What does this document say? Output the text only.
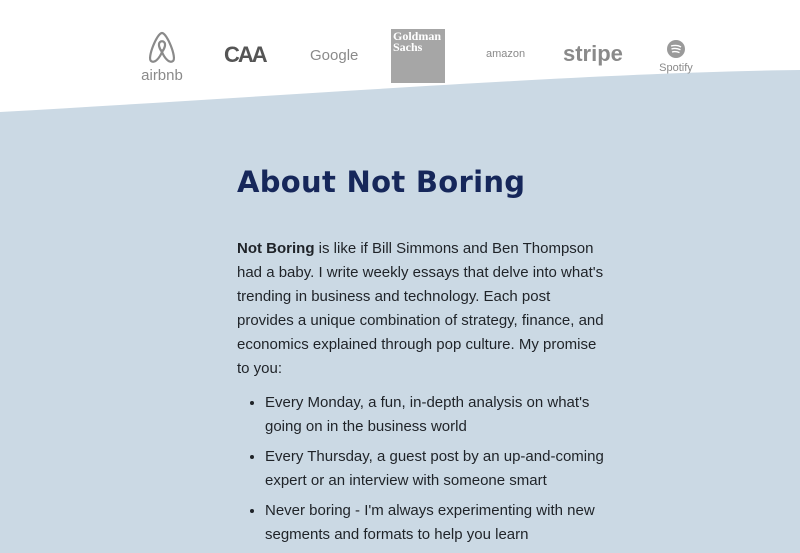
airbnb
CAA	Google
Goldman Sachs	amazon stripe
Spotify
About Not Boring

Not Boring is like if Bill Simmons and Ben Thompson had a baby. I write weekly essays that delve into what's trending in business and technology. Each post provides a unique combination of strategy, finance, and economics explained through pop culture. My promise to you:

• Every Monday, a fun, in-depth analysis on what's going on in the business world
• Every Thursday, a guest post by an up-and-coming expert or an interview with someone smart
• Never boring - I'm always experimenting with new segments and formats to help you learn
